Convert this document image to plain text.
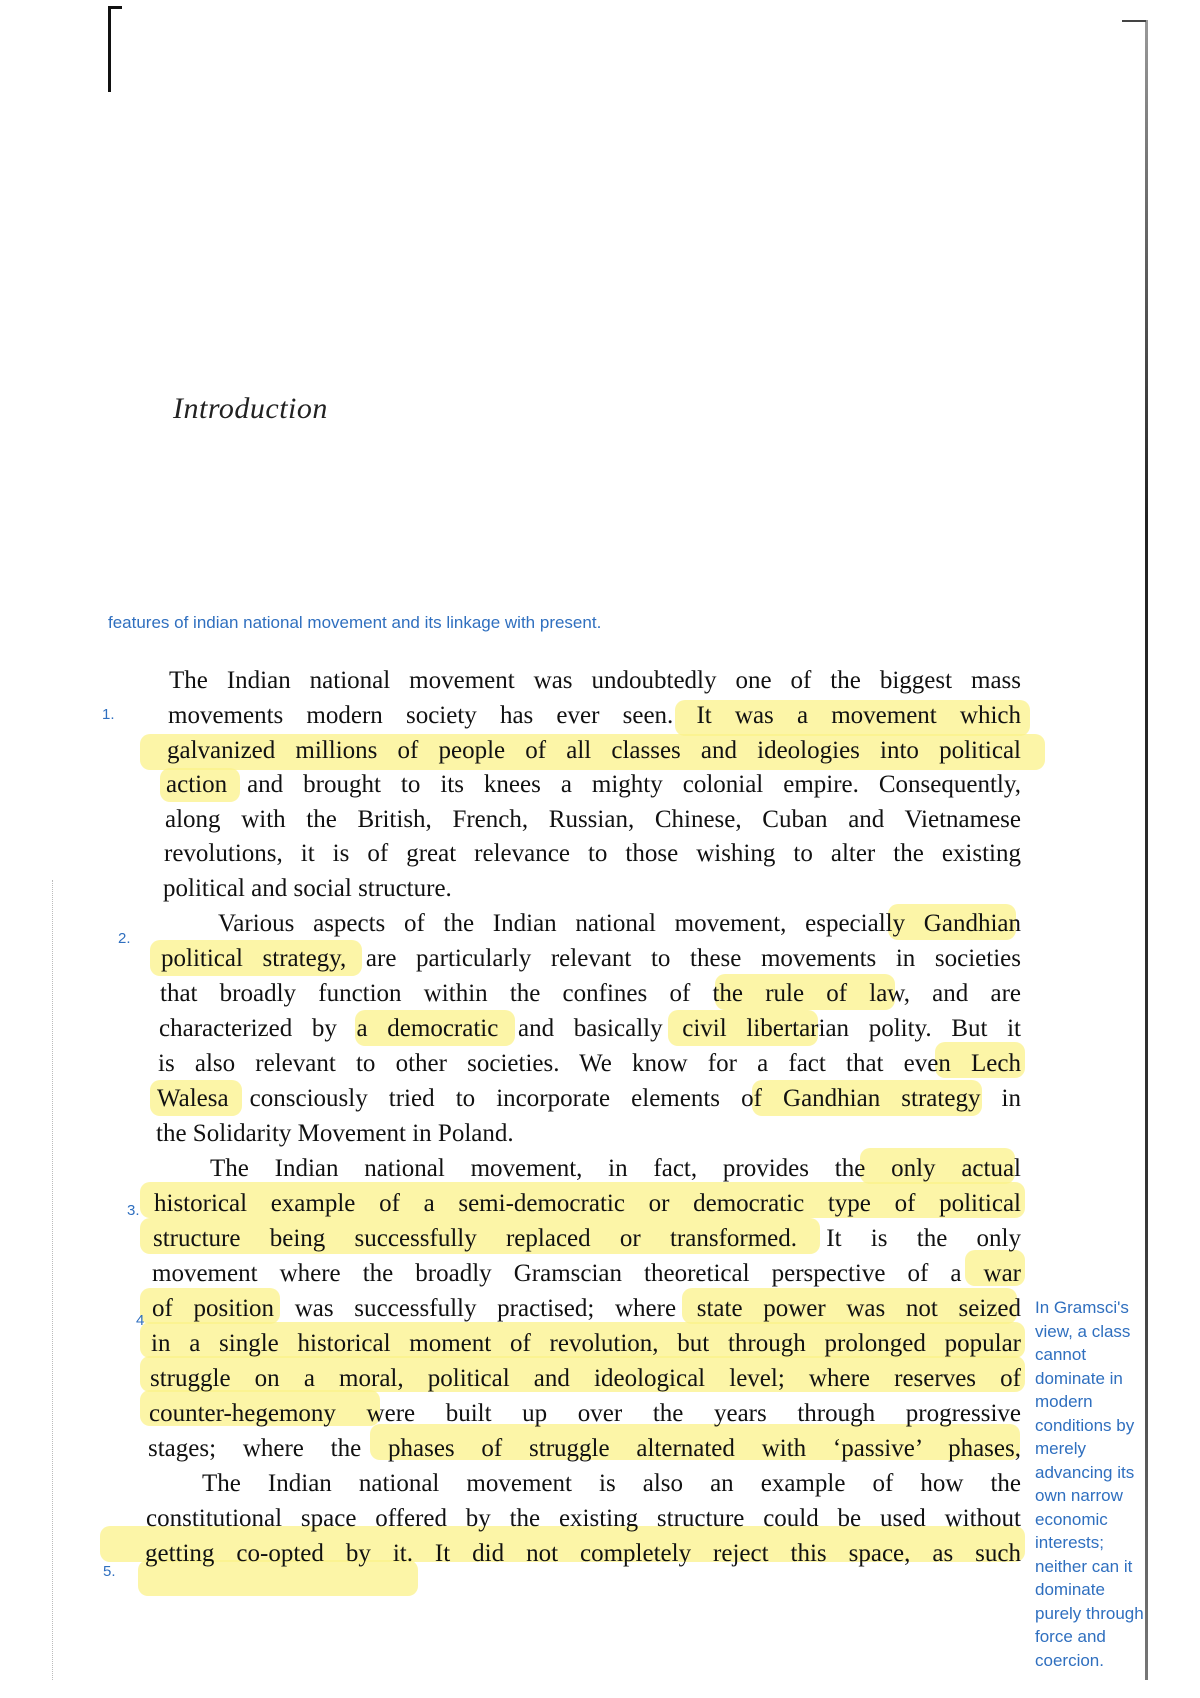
Introduction
features of indian national movement and its linkage with present.
1.
2.
3.
4
5.
The Indian national movement was undoubtedly one of the biggest mass
movements modern society has ever seen. It was a movement which
galvanized millions of people of all classes and ideologies into political
action and brought to its knees a mighty colonial empire. Consequently,
along with the British, French, Russian, Chinese, Cuban and Vietnamese
revolutions, it is of great relevance to those wishing to alter the existing
political and social structure.
Various aspects of the Indian national movement, especially Gandhian
political strategy, are particularly relevant to these movements in societies
that broadly function within the confines of the rule of law, and are
characterized by a democratic and basically civil libertarian polity. But it
is also relevant to other societies. We know for a fact that even Lech
Walesa consciously tried to incorporate elements of Gandhian strategy in
the Solidarity Movement in Poland.
The Indian national movement, in fact, provides the only actual
historical example of a semi-democratic or democratic type of political
structure being successfully replaced or transformed. It is the only
movement where the broadly Gramscian theoretical perspective of a war
of position was successfully practised; where state power was not seized
in a single historical moment of revolution, but through prolonged popular
struggle on a moral, political and ideological level; where reserves of
counter-hegemony were built up over the years through progressive
stages; where the phases of struggle alternated with ‘passive’ phases,
The Indian national movement is also an example of how the
constitutional space offered by the existing structure could be used without
getting co-opted by it. It did not completely reject this space, as such
In Gramsci's
view, a class
cannot
dominate in
modern
conditions by
merely
advancing its
own narrow
economic
interests;
neither can it
dominate
purely through
force and
coercion.
